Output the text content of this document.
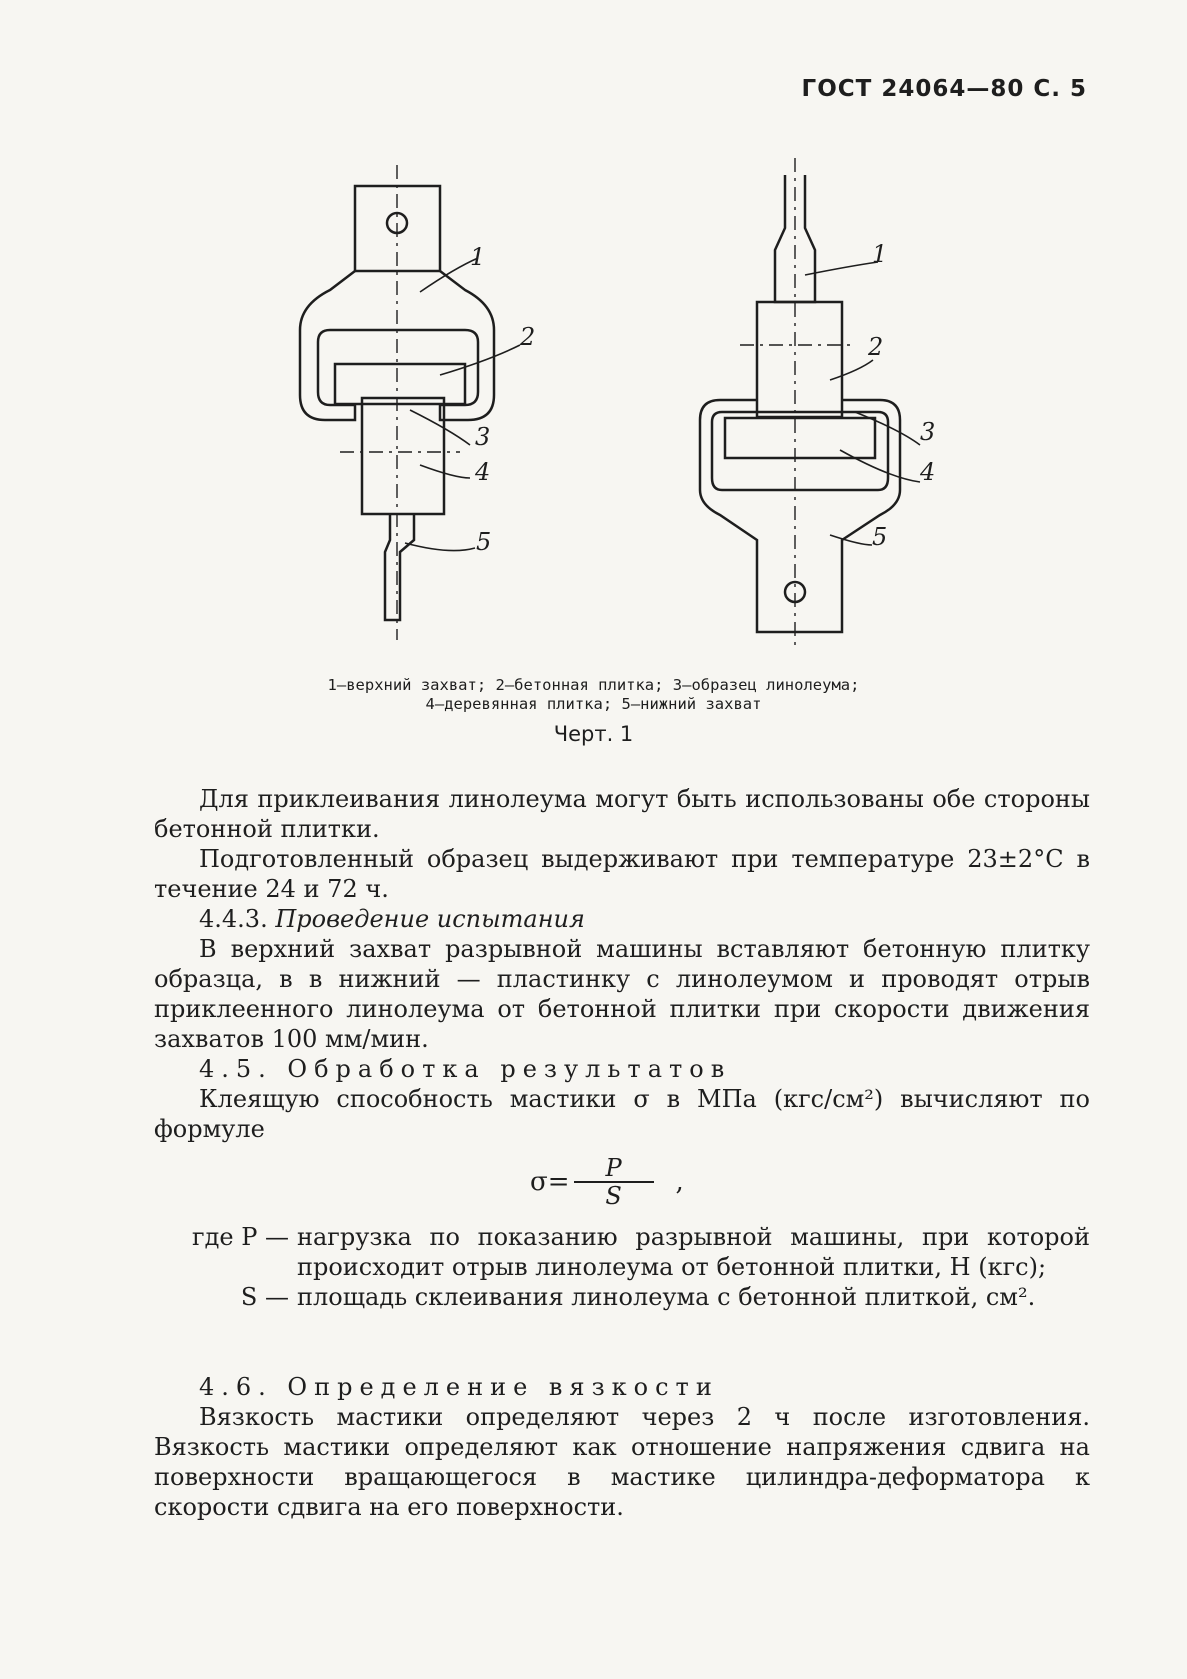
ГОСТ 24064—80 С. 5
1
2
3
4
5
1
2
3
4
5
1—верхний захват; 2—бетонная плитка; 3—образец линолеума;
4—деревянная плитка; 5—нижний захват
Черт. 1

Для приклеивания линолеума могут быть использованы обе стороны бетонной плитки.

Подготовленный образец выдерживают при температуре 23±2°С в течение 24 и 72 ч.

4.4.3. Проведение испытания

В верхний захват разрывной машины вставляют бетонную плитку образца, в в нижний — пластинку с линолеумом и проводят отрыв приклеенного линолеума от бетонной плитки при скорости движения захватов 100 мм/мин.

4.5. Обработка результатов

Клеящую способность мастики σ в МПа (кгс/см²) вычисляют по формуле

$\sigma= \frac{P}{S}$ ,
где P — нагрузка по показанию разрывной машины, при которой происходит отрыв линолеума от бетонной плитки, Н (кгс);
S — площадь склеивания линолеума с бетонной плиткой, см².

4.6. Определение вязкости

Вязкость мастики определяют через 2 ч после изготовления. Вязкость мастики определяют как отношение напряжения сдвига на поверхности вращающегося в мастике цилиндра-деформатора к скорости сдвига на его поверхности.
